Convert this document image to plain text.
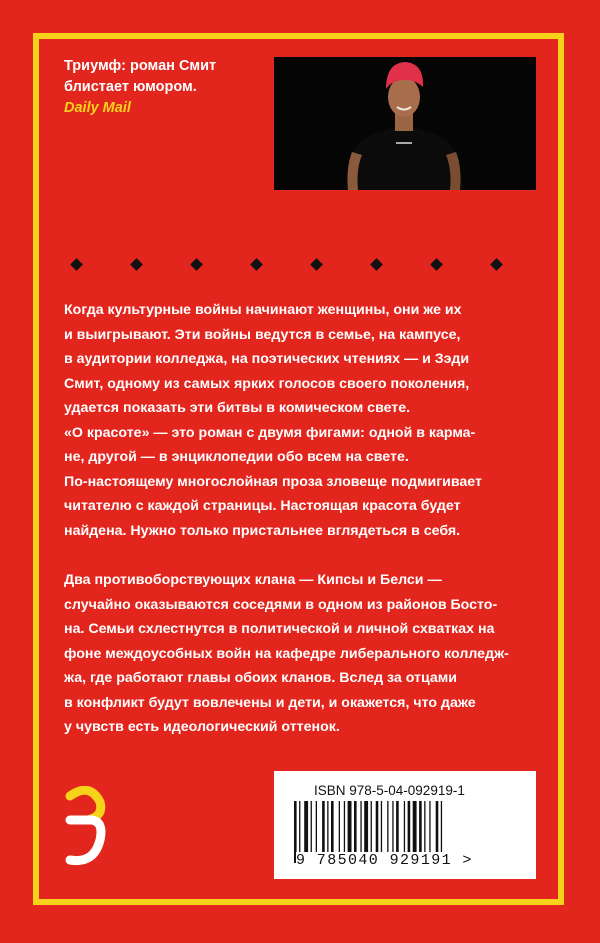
Триумф: роман Смит
блистает юмором.
Daily Mail

Когда культурные войны начинают женщины, они же их
и выигрывают. Эти войны ведутся в семье, на кампусе,
в аудитории колледжа, на поэтических чтениях — и Зэди
Смит, одному из самых ярких голосов своего поколения,
удается показать эти битвы в комическом свете.
«О красоте» — это роман с двумя фигами: одной в карма-
не, другой — в энциклопедии обо всем на свете.
По-настоящему многослойная проза зловеще подмигивает
читателю с каждой страницы. Настоящая красота будет
найдена. Нужно только пристальнее вглядеться в себя.

Два противоборствующих клана — Кипсы и Белси —
случайно оказываются соседями в одном из районов Босто-
на. Семьи схлестнутся в политической и личной схватках на
фоне междоусобных войн на кафедре либерального колледж-
жа, где работают главы обоих кланов. Вслед за отцами
в конфликт будут вовлечены и дети, и окажется, что даже
у чувств есть идеологический оттенок.

ISBN 978-5-04-092919-1
9 785040 929191 >
